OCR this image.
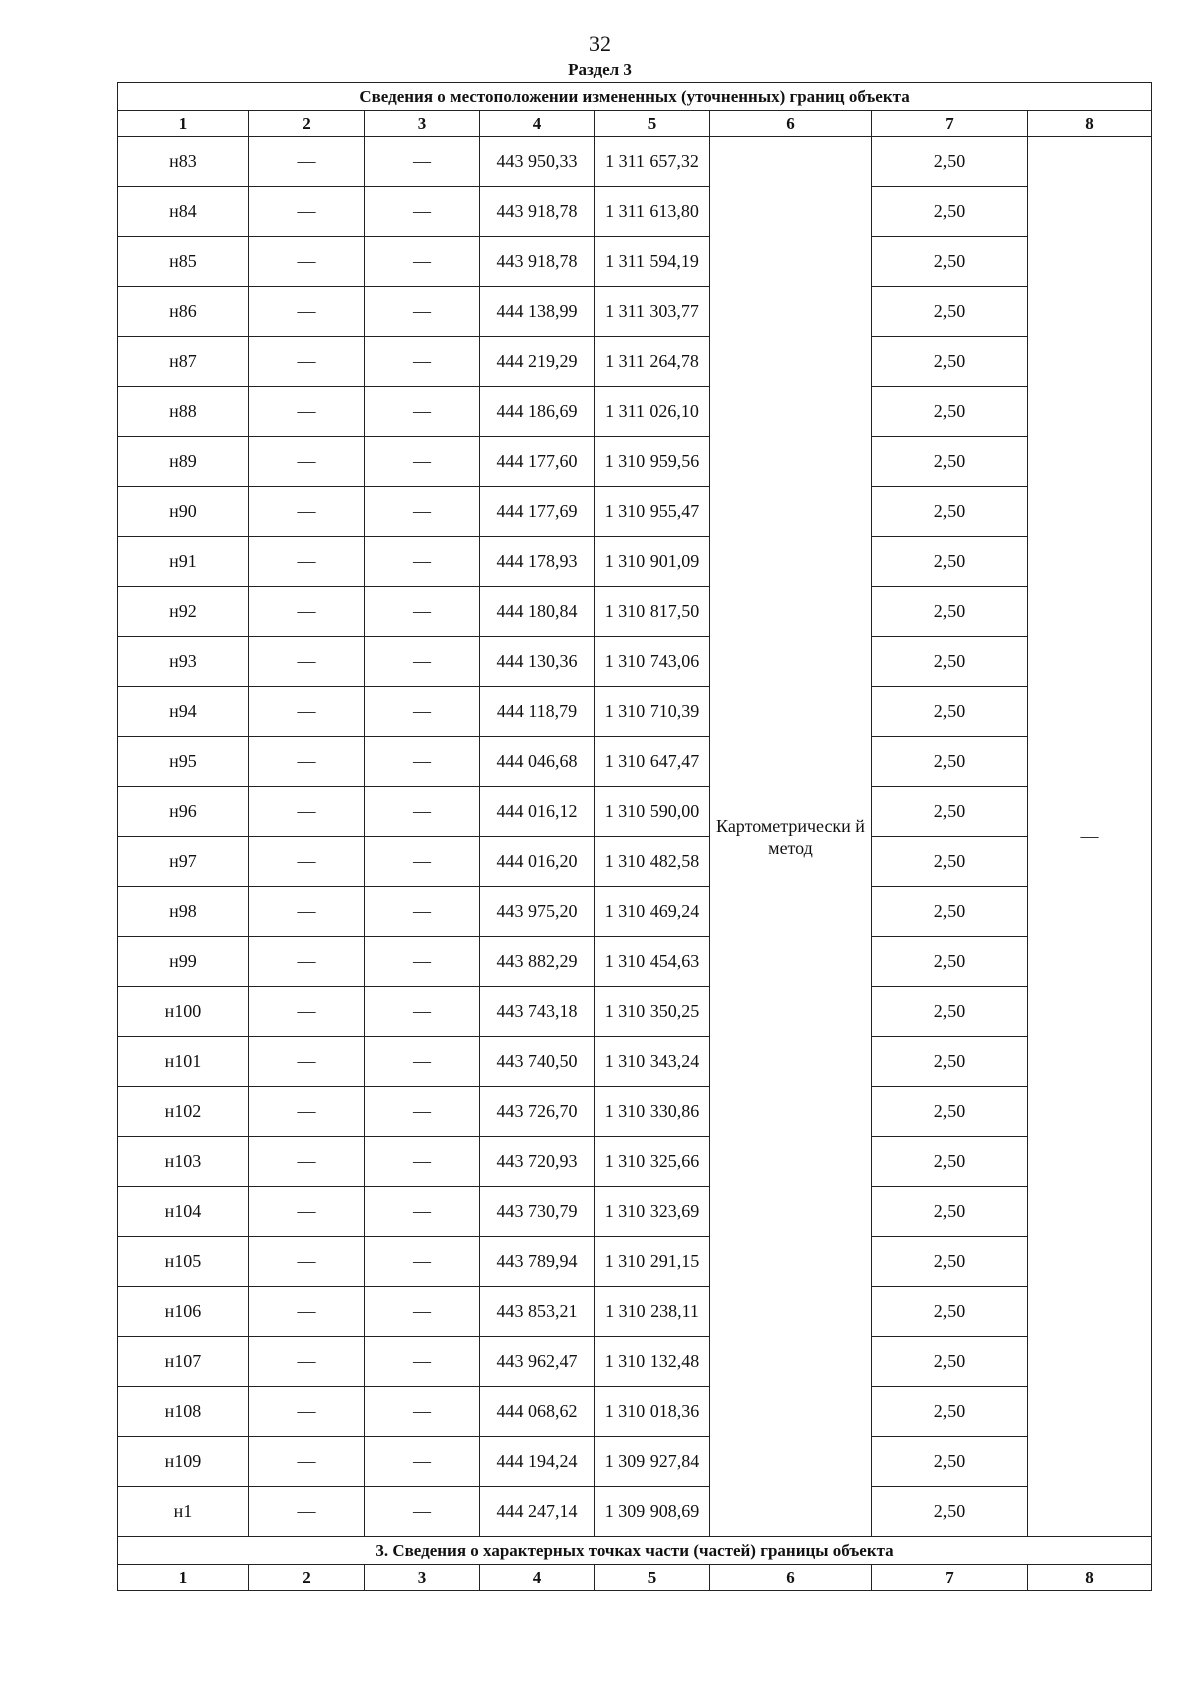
32
Раздел 3
Сведения о местоположении измененных (уточненных) границ объекта							
1	2	3	4	5	6	7	8
н83	—	—	443 950,33	1 311 657,32	Картометрически й метод	2,50	—
н84	—	—	443 918,78	1 311 613,80		2,50	
н85	—	—	443 918,78	1 311 594,19		2,50	
н86	—	—	444 138,99	1 311 303,77		2,50	
н87	—	—	444 219,29	1 311 264,78		2,50	
н88	—	—	444 186,69	1 311 026,10		2,50	
н89	—	—	444 177,60	1 310 959,56		2,50	
н90	—	—	444 177,69	1 310 955,47		2,50	
н91	—	—	444 178,93	1 310 901,09		2,50	
н92	—	—	444 180,84	1 310 817,50		2,50	
н93	—	—	444 130,36	1 310 743,06		2,50	
н94	—	—	444 118,79	1 310 710,39		2,50	
н95	—	—	444 046,68	1 310 647,47		2,50	
н96	—	—	444 016,12	1 310 590,00		2,50	
н97	—	—	444 016,20	1 310 482,58		2,50	
н98	—	—	443 975,20	1 310 469,24		2,50	
н99	—	—	443 882,29	1 310 454,63		2,50	
н100	—	—	443 743,18	1 310 350,25		2,50	
н101	—	—	443 740,50	1 310 343,24		2,50	
н102	—	—	443 726,70	1 310 330,86		2,50	
н103	—	—	443 720,93	1 310 325,66		2,50	
н104	—	—	443 730,79	1 310 323,69		2,50	
н105	—	—	443 789,94	1 310 291,15		2,50	
н106	—	—	443 853,21	1 310 238,11		2,50	
н107	—	—	443 962,47	1 310 132,48		2,50	
н108	—	—	444 068,62	1 310 018,36		2,50	
н109	—	—	444 194,24	1 309 927,84		2,50	
н1	—	—	444 247,14	1 309 908,69		2,50	
3. Сведения о характерных точках части (частей) границы объекта							
1	2	3	4	5	6	7	8
